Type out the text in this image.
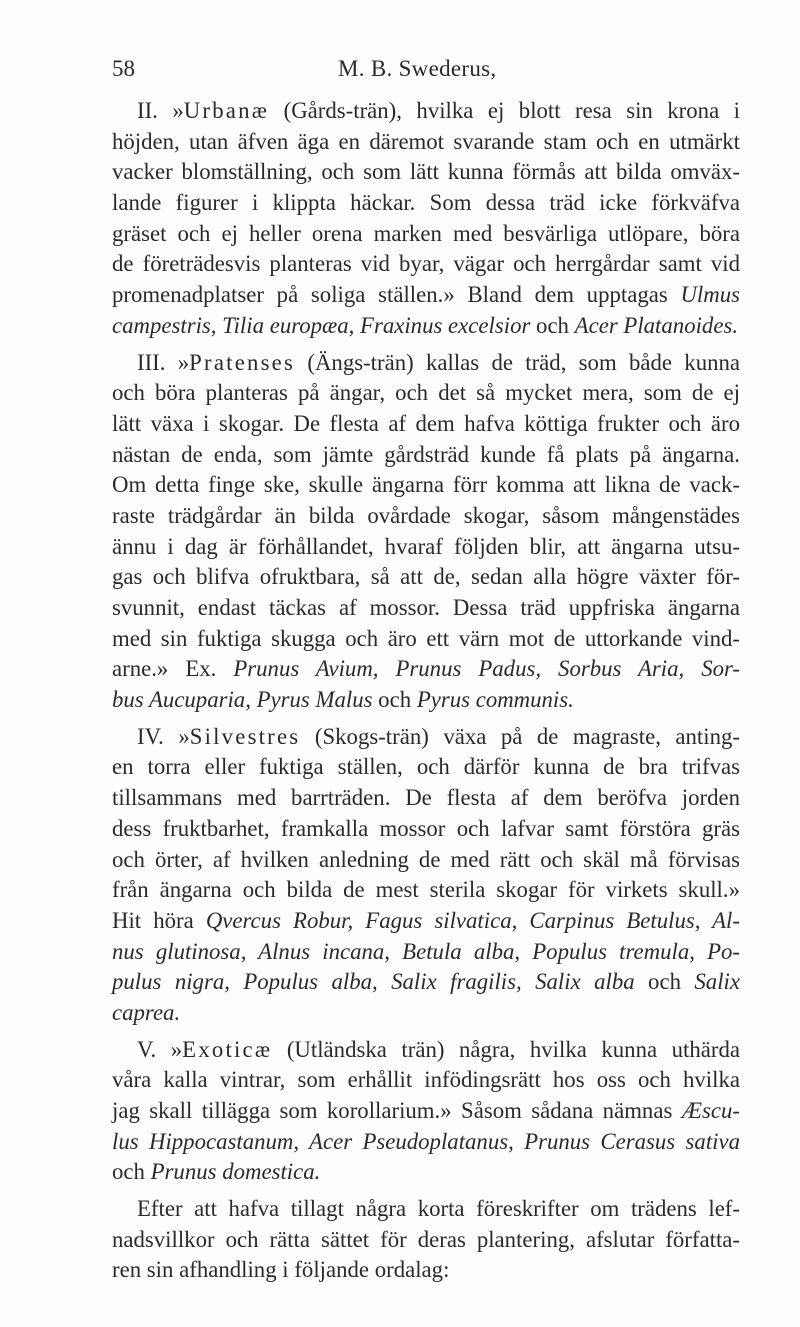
58	M. B. Swederus,
II. »Urbanæ (Gårds-trän), hvilka ej blott resa sin krona i
höjden, utan äfven äga en däremot svarande stam och en utmärkt
vacker blomställning, och som lätt kunna förmås att bilda omväx-
lande figurer i klippta häckar. Som dessa träd icke förkväfva
gräset och ej heller orena marken med besvärliga utlöpare, böra
de företrädesvis planteras vid byar, vägar och herrgårdar samt vid
promenadplatser på soliga ställen.» Bland dem upptagas Ulmus
campestris, Tilia europæa, Fraxinus excelsior och Acer Platanoides.
III. »Pratenses (Ängs-trän) kallas de träd, som både kunna
och böra planteras på ängar, och det så mycket mera, som de ej
lätt växa i skogar. De flesta af dem hafva köttiga frukter och äro
nästan de enda, som jämte gårdsträd kunde få plats på ängarna.
Om detta finge ske, skulle ängarna förr komma att likna de vack-
raste trädgårdar än bilda ovårdade skogar, såsom mångenstädes
ännu i dag är förhållandet, hvaraf följden blir, att ängarna utsu-
gas och blifva ofruktbara, så att de, sedan alla högre växter för-
svunnit, endast täckas af mossor. Dessa träd uppfriska ängarna
med sin fuktiga skugga och äro ett värn mot de uttorkande vind-
arne.» Ex. Prunus Avium, Prunus Padus, Sorbus Aria, Sor-
bus Aucuparia, Pyrus Malus och Pyrus communis.
IV. »Silvestres (Skogs-trän) växa på de magraste, anting-
en torra eller fuktiga ställen, och därför kunna de bra trifvas
tillsammans med barrträden. De flesta af dem beröfva jorden
dess fruktbarhet, framkalla mossor och lafvar samt förstöra gräs
och örter, af hvilken anledning de med rätt och skäl må förvisas
från ängarna och bilda de mest sterila skogar för virkets skull.»
Hit höra Qvercus Robur, Fagus silvatica, Carpinus Betulus, Al-
nus glutinosa, Alnus incana, Betula alba, Populus tremula, Po-
pulus nigra, Populus alba, Salix fragilis, Salix alba och Salix
caprea.
V. »Exoticæ (Utländska trän) några, hvilka kunna uthärda
våra kalla vintrar, som erhållit infödingsrätt hos oss och hvilka
jag skall tillägga som korollarium.» Såsom sådana nämnas Æscu-
lus Hippocastanum, Acer Pseudoplatanus, Prunus Cerasus sativa
och Prunus domestica.
Efter att hafva tillagt några korta föreskrifter om trädens lef-
nadsvillkor och rätta sättet för deras plantering, afslutar författa-
ren sin afhandling i följande ordalag:
